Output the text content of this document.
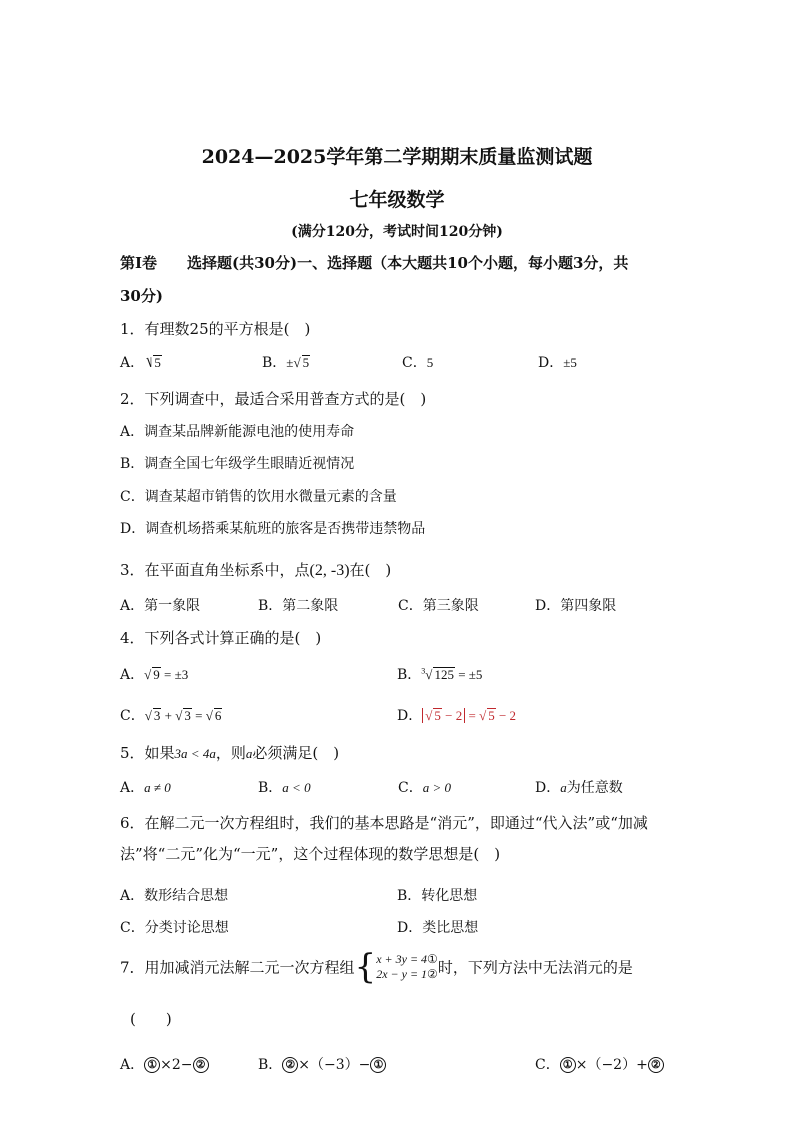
2024—2025学年第二学期期末质量监测试题
七年级数学
(满分120分，考试时间120分钟)
第Ⅰ卷　　选择题(共30分)一、选择题（本大题共10个小题，每小题3分，共
30分)
1．有理数25的平方根是(　)
A．⎷ 5	B．±√ 5	C．5	D．±5
2．下列调查中，最适合采用普查方式的是(　)
A．调查某品牌新能源电池的使用寿命
B．调查全国七年级学生眼睛近视情况
C．调查某超市销售的饮用水微量元素的含量
D．调查机场搭乘某航班的旅客是否携带违禁物品
3．在平面直角坐标系中，点(2, -3)在(　)
A．第一象限	B．第二象限	C．第三象限	D．第四象限
4．下列各式计算正确的是(　)
A．√ 9 = ±3	B．$^3$√ 125 = ±5
C．√ 3 + √ 3 = √ 6	D． √ 5 − 2 = √ 5 − 2
5．如果3a < 4a，则a必须满足(　)
A．a ≠ 0	B．a < 0	C．a > 0	D．a为任意数
6．在解二元一次方程组时，我们的基本思路是“消元”，即通过“代入法”或“加减
法”将“二元”化为“一元”，这个过程体现的数学思想是(　)
A．数形结合思想	B．转化思想
C．分类讨论思想	D．类比思想
7．用加减消元法解二元一次方程组{x + 3y = 4①
2x − y = 1②时，下列方法中无法消元的是
(　　)
A． ① ×2− ②	B． ② ×（−3）− ①	C． ① ×（−2）+ ②
